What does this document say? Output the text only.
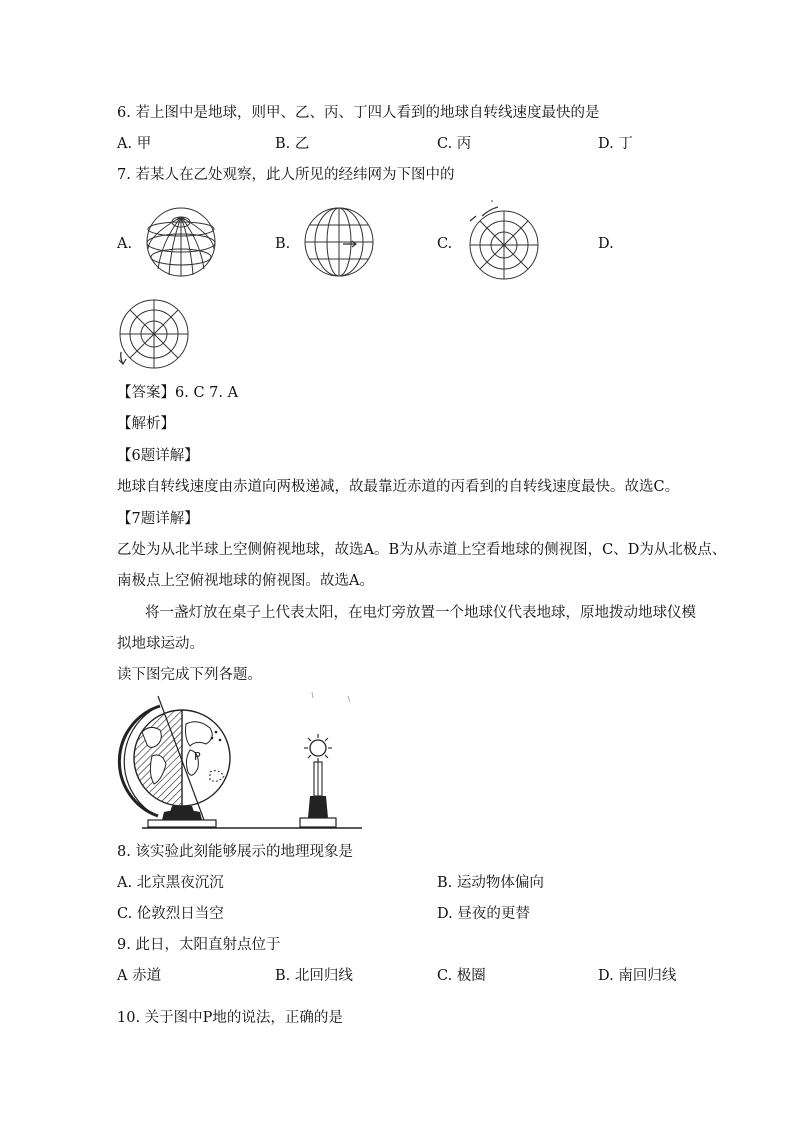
6. 若上图中是地球，则甲、乙、丙、丁四人看到的地球自转线速度最快的是
A. 甲	B. 乙	C. 丙	D. 丁
7. 若某人在乙处观察，此人所见的经纬网为下图中的
A.	B.	C.	D.
【答案】6. C 7. A
【解析】
【6题详解】
地球自转线速度由赤道向两极递减，故最靠近赤道的丙看到的自转线速度最快。故选C。
【7题详解】
乙处为从北半球上空侧俯视地球，故选A。B为从赤道上空看地球的侧视图，C、D为从北极点、
南极点上空俯视地球的俯视图。故选A。
将一盏灯放在桌子上代表太阳，在电灯旁放置一个地球仪代表地球，原地拨动地球仪模
拟地球运动。
读下图完成下列各题。
P
8. 该实验此刻能够展示的地理现象是
A. 北京黑夜沉沉	B. 运动物体偏向
C. 伦敦烈日当空	D. 昼夜的更替
9. 此日，太阳直射点位于
A 赤道	B. 北回归线	C. 极圈	D. 南回归线
10. 关于图中P地的说法，正确的是
